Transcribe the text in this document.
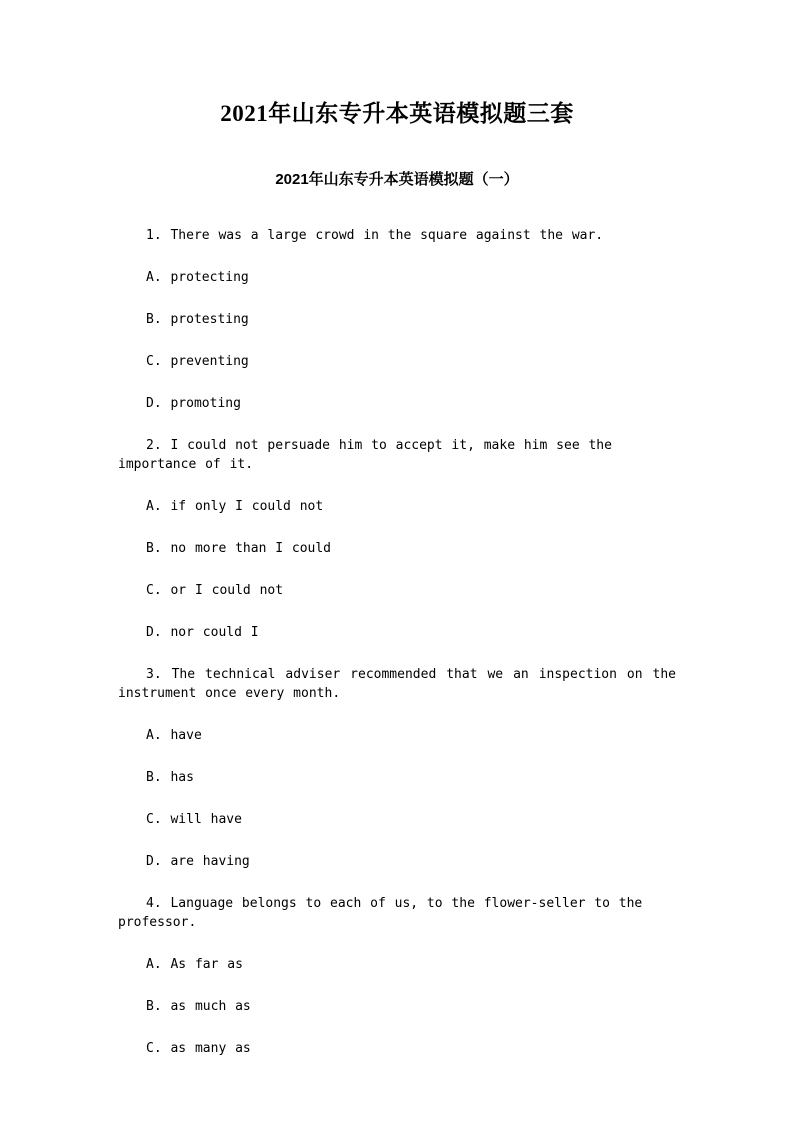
2021年山东专升本英语模拟题三套
2021年山东专升本英语模拟题（一）

1. There was a large crowd in the square against the war.

A. protecting

B. protesting

C. preventing

D. promoting

2. I could not persuade him to accept it, make him see the importance of it.

A. if only I could not

B. no more than I could

C. or I could not

D. nor could I

3. The technical adviser recommended that we an inspection on the instrument once every month.

A. have

B. has

C. will have

D. are having

4. Language belongs to each of us, to the flower-seller to the professor.

A. As far as

B. as much as

C. as many as
